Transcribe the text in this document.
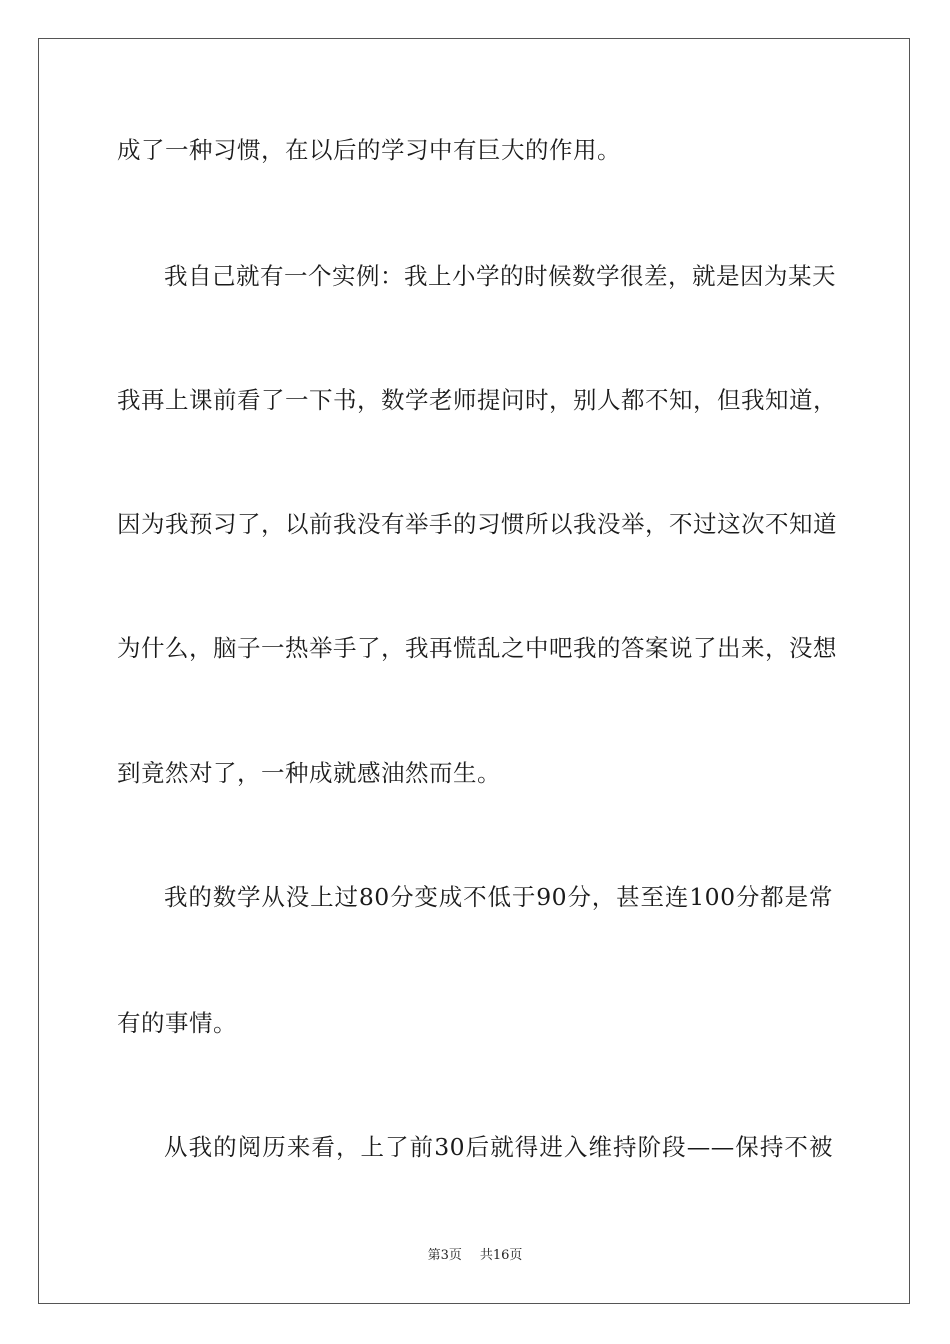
成了一种习惯，在以后的学习中有巨大的作用。
我自己就有一个实例：我上小学的时候数学很差，就是因为某天
我再上课前看了一下书，数学老师提问时，别人都不知，但我知道，
因为我预习了，以前我没有举手的习惯所以我没举，不过这次不知道
为什么，脑子一热举手了，我再慌乱之中吧我的答案说了出来，没想
到竟然对了，一种成就感油然而生。
我的数学从没上过80分变成不低于90分，甚至连100分都是常
有的事情。
从我的阅历来看，上了前30后就得进入维持阶段——保持不被
第3页 共16页
